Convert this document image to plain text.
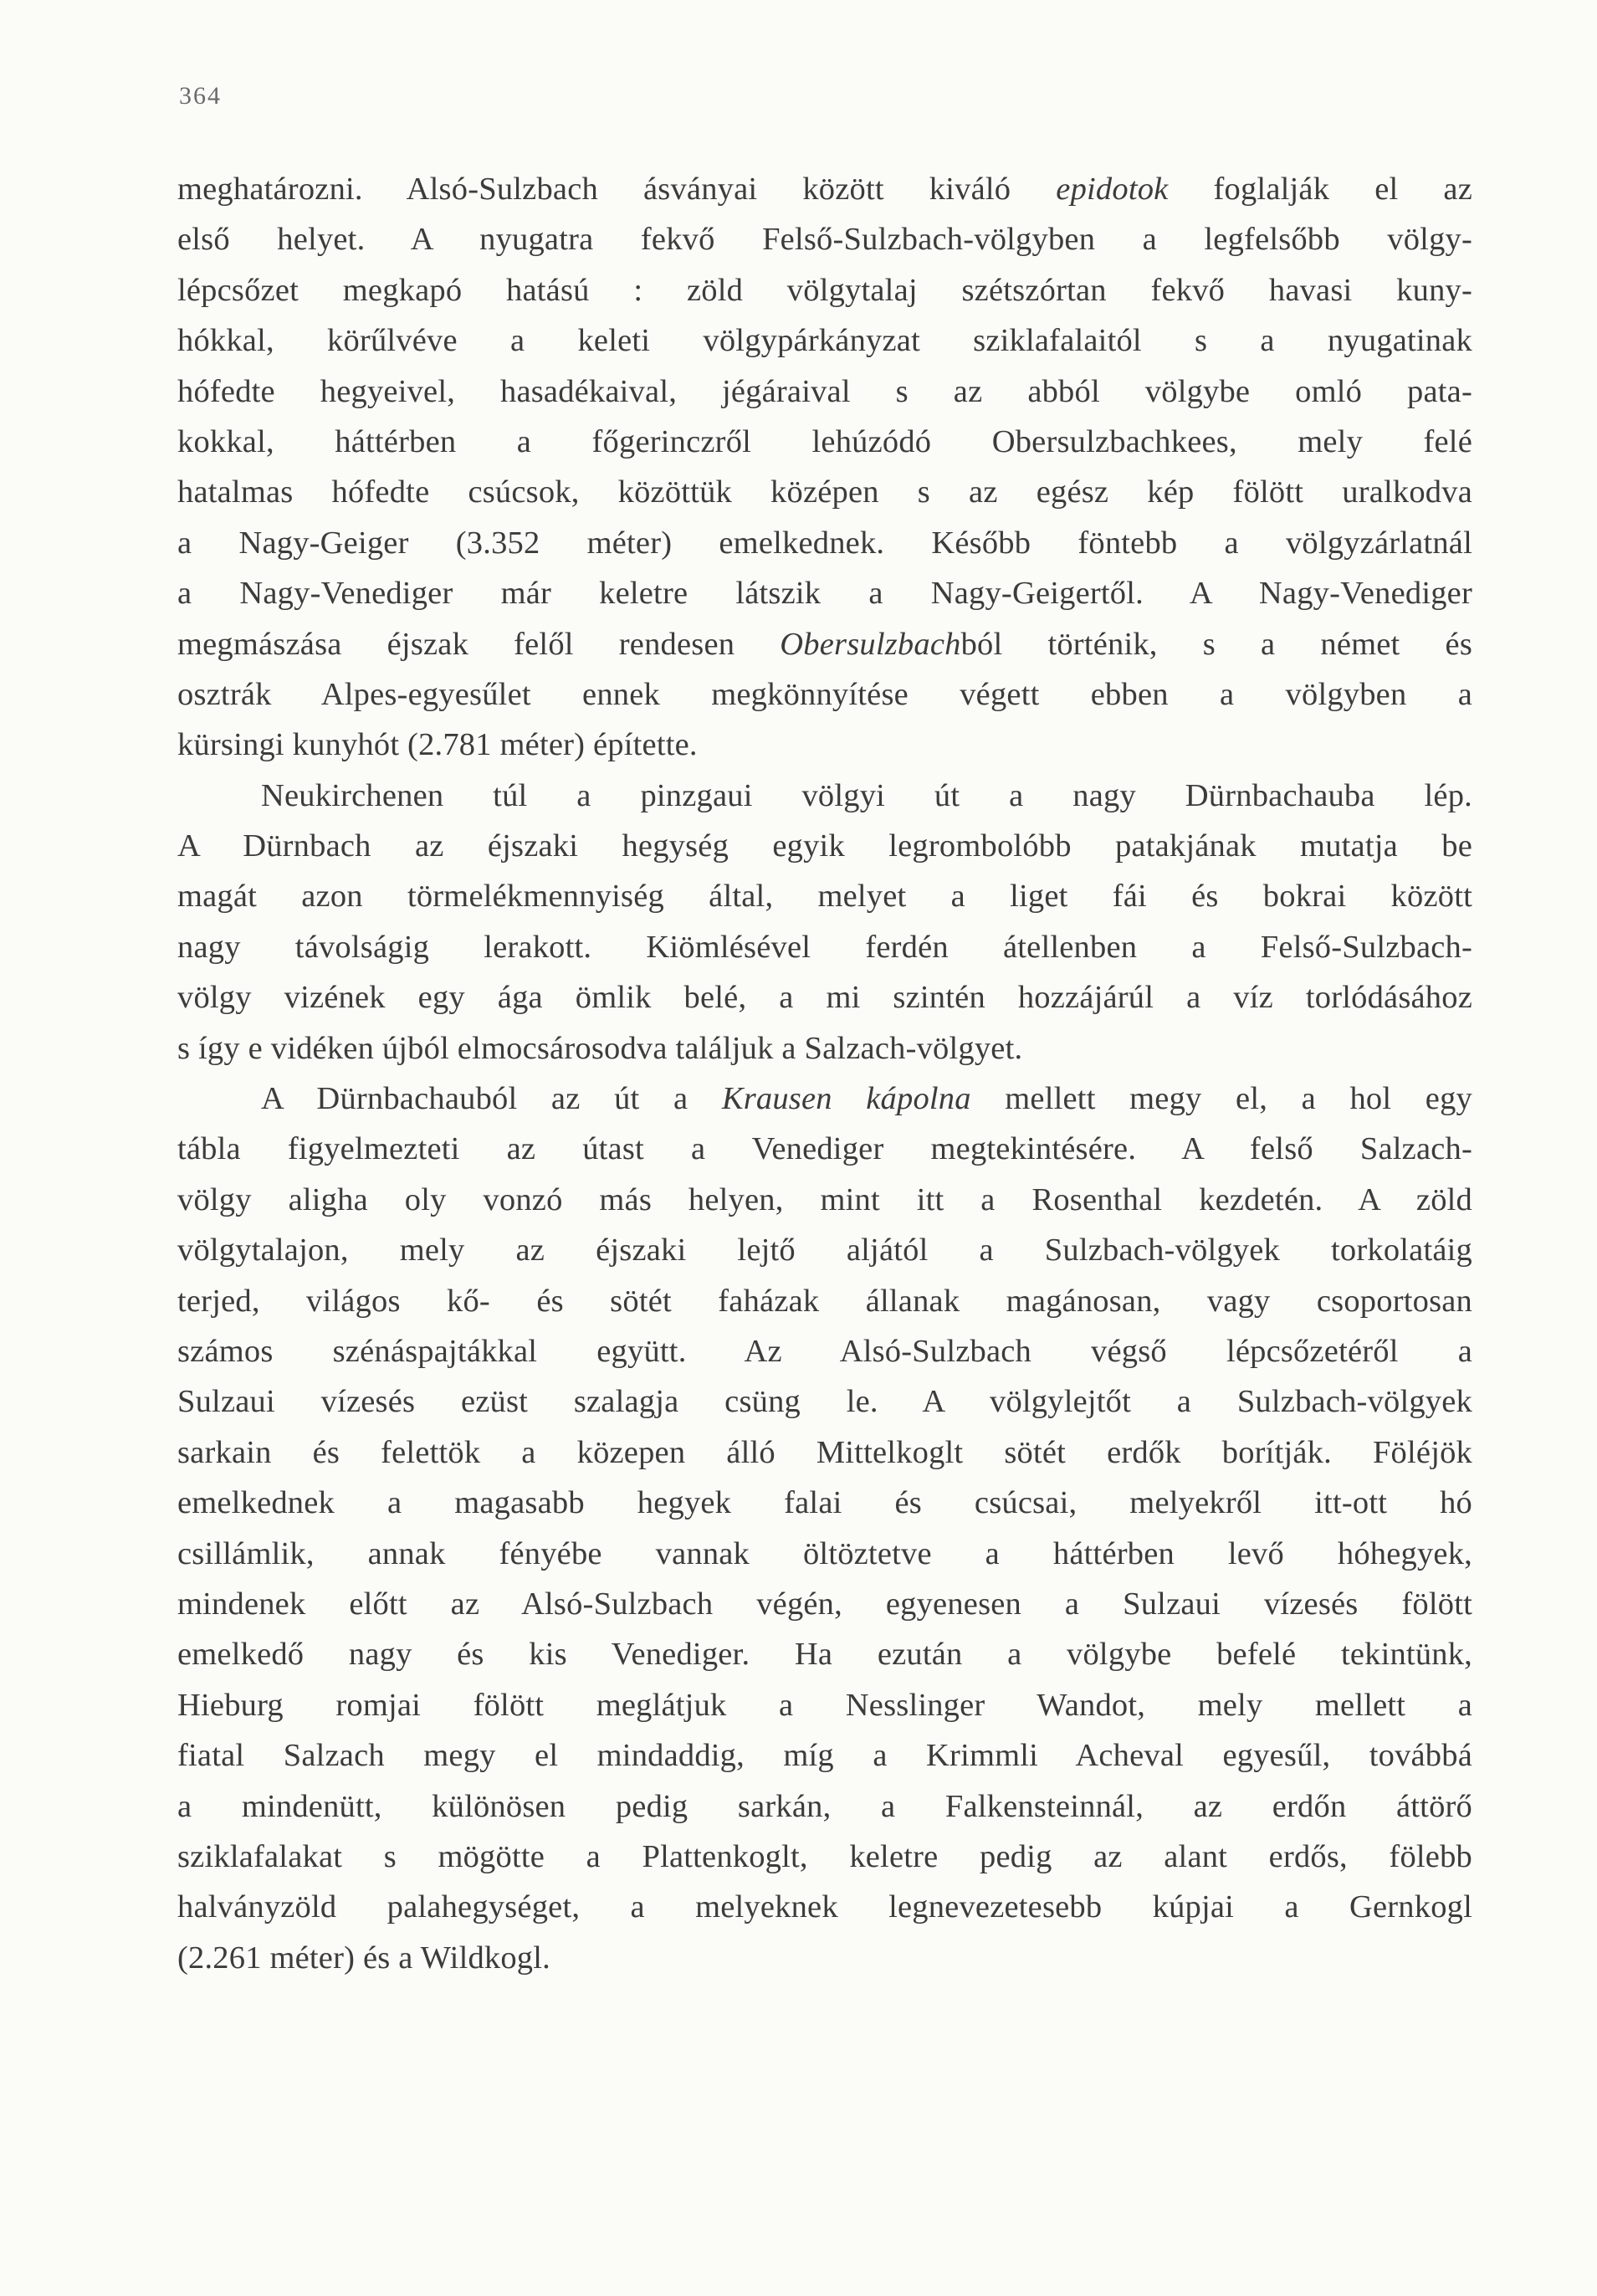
364
meghatározni. Alsó-Sulzbach ásványai között kiváló epidotok foglalják el az
első helyet. A nyugatra fekvő Felső-Sulzbach-völgyben a legfelsőbb völgy-
lépcsőzet megkapó hatású : zöld völgytalaj szétszórtan fekvő havasi kuny-
hókkal, körűlvéve a keleti völgypárkányzat sziklafalaitól s a nyugatinak
hófedte hegyeivel, hasadékaival, jégáraival s az abból völgybe omló pata-
kokkal, háttérben a főgerinczről lehúzódó Obersulzbachkees, mely felé
hatalmas hófedte csúcsok, közöttük középen s az egész kép fölött uralkodva
a Nagy-Geiger (3.352 méter) emelkednek. Később föntebb a völgyzárlatnál
a Nagy-Venediger már keletre látszik a Nagy-Geigertől. A Nagy-Venediger
megmászása éjszak felől rendesen Obersulzbachból történik, s a német és
osztrák Alpes-egyesűlet ennek megkönnyítése végett ebben a völgyben a
kürsingi kunyhót (2.781 méter) építette.
Neukirchenen túl a pinzgaui völgyi út a nagy Dürnbachauba lép.
A Dürnbach az éjszaki hegység egyik legrombolóbb patakjának mutatja be
magát azon törmelékmennyiség által, melyet a liget fái és bokrai között
nagy távolságig lerakott. Kiömlésével ferdén átellenben a Felső-Sulzbach-
völgy vizének egy ága ömlik belé, a mi szintén hozzájárúl a víz torlódásához
s így e vidéken újból elmocsárosodva találjuk a Salzach-völgyet.
A Dürnbachauból az út a Krausen kápolna mellett megy el, a hol egy
tábla figyelmezteti az útast a Venediger megtekintésére. A felső Salzach-
völgy aligha oly vonzó más helyen, mint itt a Rosenthal kezdetén. A zöld
völgytalajon, mely az éjszaki lejtő aljától a Sulzbach-völgyek torkolatáig
terjed, világos kő- és sötét faházak állanak magánosan, vagy csoportosan
számos szénáspajtákkal együtt. Az Alsó-Sulzbach végső lépcsőzetéről a
Sulzaui vízesés ezüst szalagja csüng le. A völgylejtőt a Sulzbach-völgyek
sarkain és felettök a közepen álló Mittelkoglt sötét erdők borítják. Föléjök
emelkednek a magasabb hegyek falai és csúcsai, melyekről itt-ott hó
csillámlik, annak fényébe vannak öltöztetve a háttérben levő hóhegyek,
mindenek előtt az Alsó-Sulzbach végén, egyenesen a Sulzaui vízesés fölött
emelkedő nagy és kis Venediger. Ha ezután a völgybe befelé tekintünk,
Hieburg romjai fölött meglátjuk a Nesslinger Wandot, mely mellett a
fiatal Salzach megy el mindaddig, míg a Krimmli Acheval egyesűl, továbbá
a mindenütt, különösen pedig sarkán, a Falkensteinnál, az erdőn áttörő
sziklafalakat s mögötte a Plattenkoglt, keletre pedig az alant erdős, fölebb
halványzöld palahegységet, a melyeknek legnevezetesebb kúpjai a Gernkogl
(2.261 méter) és a Wildkogl.
